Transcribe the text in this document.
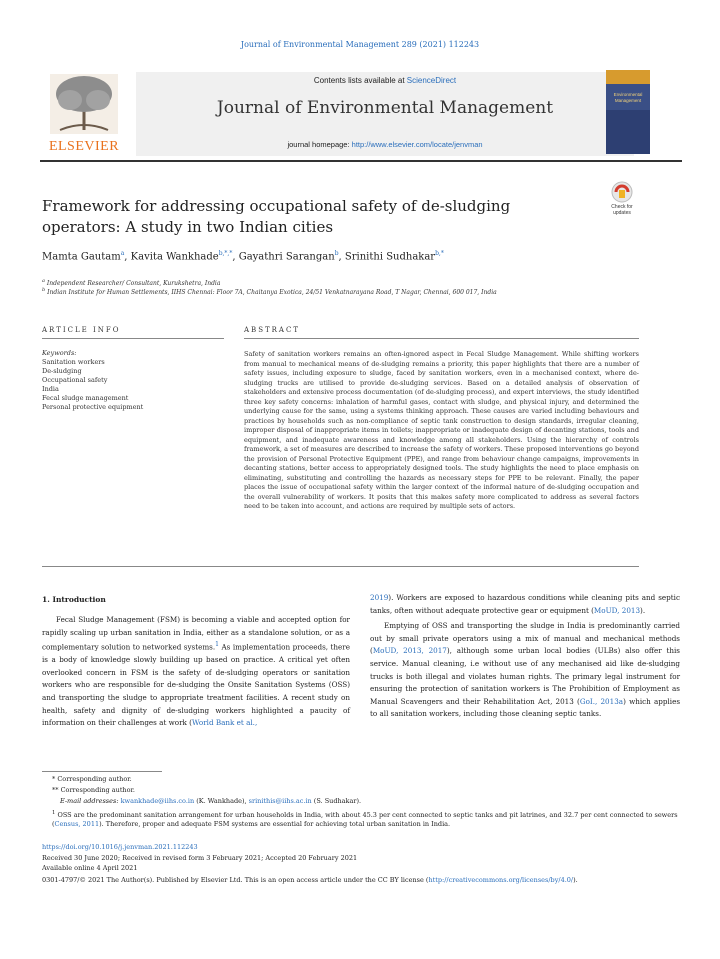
Journal of Environmental Management 289 (2021) 112243
ELSEVIER
Contents lists available at ScienceDirect
Journal of Environmental Management
journal homepage: http://www.elsevier.com/locate/jenvman
Environmental
Management
Framework for addressing occupational safety of de-sludging operators: A study in two Indian cities
Check for
updates
Mamta Gautam$^a$, Kavita Wankhade$^{b,*,*}$, Gayathri Sarangan$^b$, Srinithi Sudhakar$^{b,*}$
$^a$ Independent Researcher/ Consultant, Kurukshetra, India
$^b$ Indian Institute for Human Settlements, IIHS Chennai: Floor 7A, Chaitanya Exotica, 24/51 Venkatnarayana Road, T Nagar, Chennai, 600 017, India
ARTICLE INFO	ABSTRACT
Keywords:
Sanitation workers
De-sludging
Occupational safety
India
Fecal sludge management
Personal protective equipment
Safety of sanitation workers remains an often-ignored aspect in Fecal Sludge Management. While shifting workers from manual to mechanical means of de-sludging remains a priority, this paper highlights that there are a number of safety issues, including exposure to sludge, faced by sanitation workers, even in a mechanised context, where de-sludging trucks are utilised to provide de-sludging services. Based on a detailed analysis of observation of stakeholders and extensive process documentation (of de-sludging process), and expert interviews, the study identified three key safety concerns: inhalation of harmful gases, contact with sludge, and physical injury, and determined the underlying cause for the same, using a systems thinking approach. These causes are varied including behaviours and practices by households such as non-compliance of septic tank construction to design standards, irregular cleaning, improper disposal of inappropriate items in toilets; inappropriate or inadequate design of decanting stations, tools and equipment, and inadequate awareness and knowledge among all stakeholders. Using the hierarchy of controls framework, a set of measures are described to increase the safety of workers. These proposed interventions go beyond the provision of Personal Protective Equipment (PPE), and range from behaviour change campaigns, improvements in decanting stations, better access to appropriately designed tools. The study highlights the need to place emphasis on eliminating, substituting and controlling the hazards as necessary steps for PPE to be relevant. Finally, the paper places the issue of occupational safety within the larger context of the informal nature of de-sludging occupation and the overall vulnerability of workers. It posits that this makes safety more complicated to address as several factors need to be taken into account, and actions are required by multiple sets of actors.
1. Introduction

Fecal Sludge Management (FSM) is becoming a viable and accepted option for rapidly scaling up urban sanitation in India, either as a standalone solution, or as a complementary solution to networked systems.$^1$ As implementation proceeds, there is a body of knowledge slowly building up based on practice. A critical yet often overlooked concern in FSM is the safety of de-sludging operators or sanitation workers who are responsible for de-sludging the Onsite Sanitation Systems (OSS) and transporting the sludge to appropriate treatment facilities. A recent study on health, safety and dignity of de-sludging workers highlighted a paucity of information on their challenges at work (World Bank et al.,

2019). Workers are exposed to hazardous conditions while cleaning pits and septic tanks, often without adequate protective gear or equipment (MoUD, 2013).

Emptying of OSS and transporting the sludge in India is predominantly carried out by small private operators using a mix of manual and mechanical methods (MoUD, 2013, 2017), although some urban local bodies (ULBs) also offer this service. Manual cleaning, i.e without use of any mechanised aid like de-sludging trucks is both illegal and violates human rights. The primary legal instrument for ensuring the protection of sanitation workers is The Prohibition of Employment as Manual Scavengers and their Rehabilitation Act, 2013 (GoI., 2013a) which applies to all sanitation workers, including those cleaning septic tanks.

* Corresponding author.
** Corresponding author.
E-mail addresses: kwankhade@iihs.co.in (K. Wankhade), srinithis@iihs.ac.in (S. Sudhakar).
$^1$ OSS are the predominant sanitation arrangement for urban households in India, with about 45.3 per cent connected to septic tanks and pit latrines, and 32.7 per cent connected to sewers (Census, 2011). Therefore, proper and adequate FSM systems are essential for achieving total urban sanitation in India.
https://doi.org/10.1016/j.jenvman.2021.112243
Received 30 June 2020; Received in revised form 3 February 2021; Accepted 20 February 2021
Available online 4 April 2021
0301-4797/© 2021 The Author(s). Published by Elsevier Ltd. This is an open access article under the CC BY license (http://creativecommons.org/licenses/by/4.0/).
